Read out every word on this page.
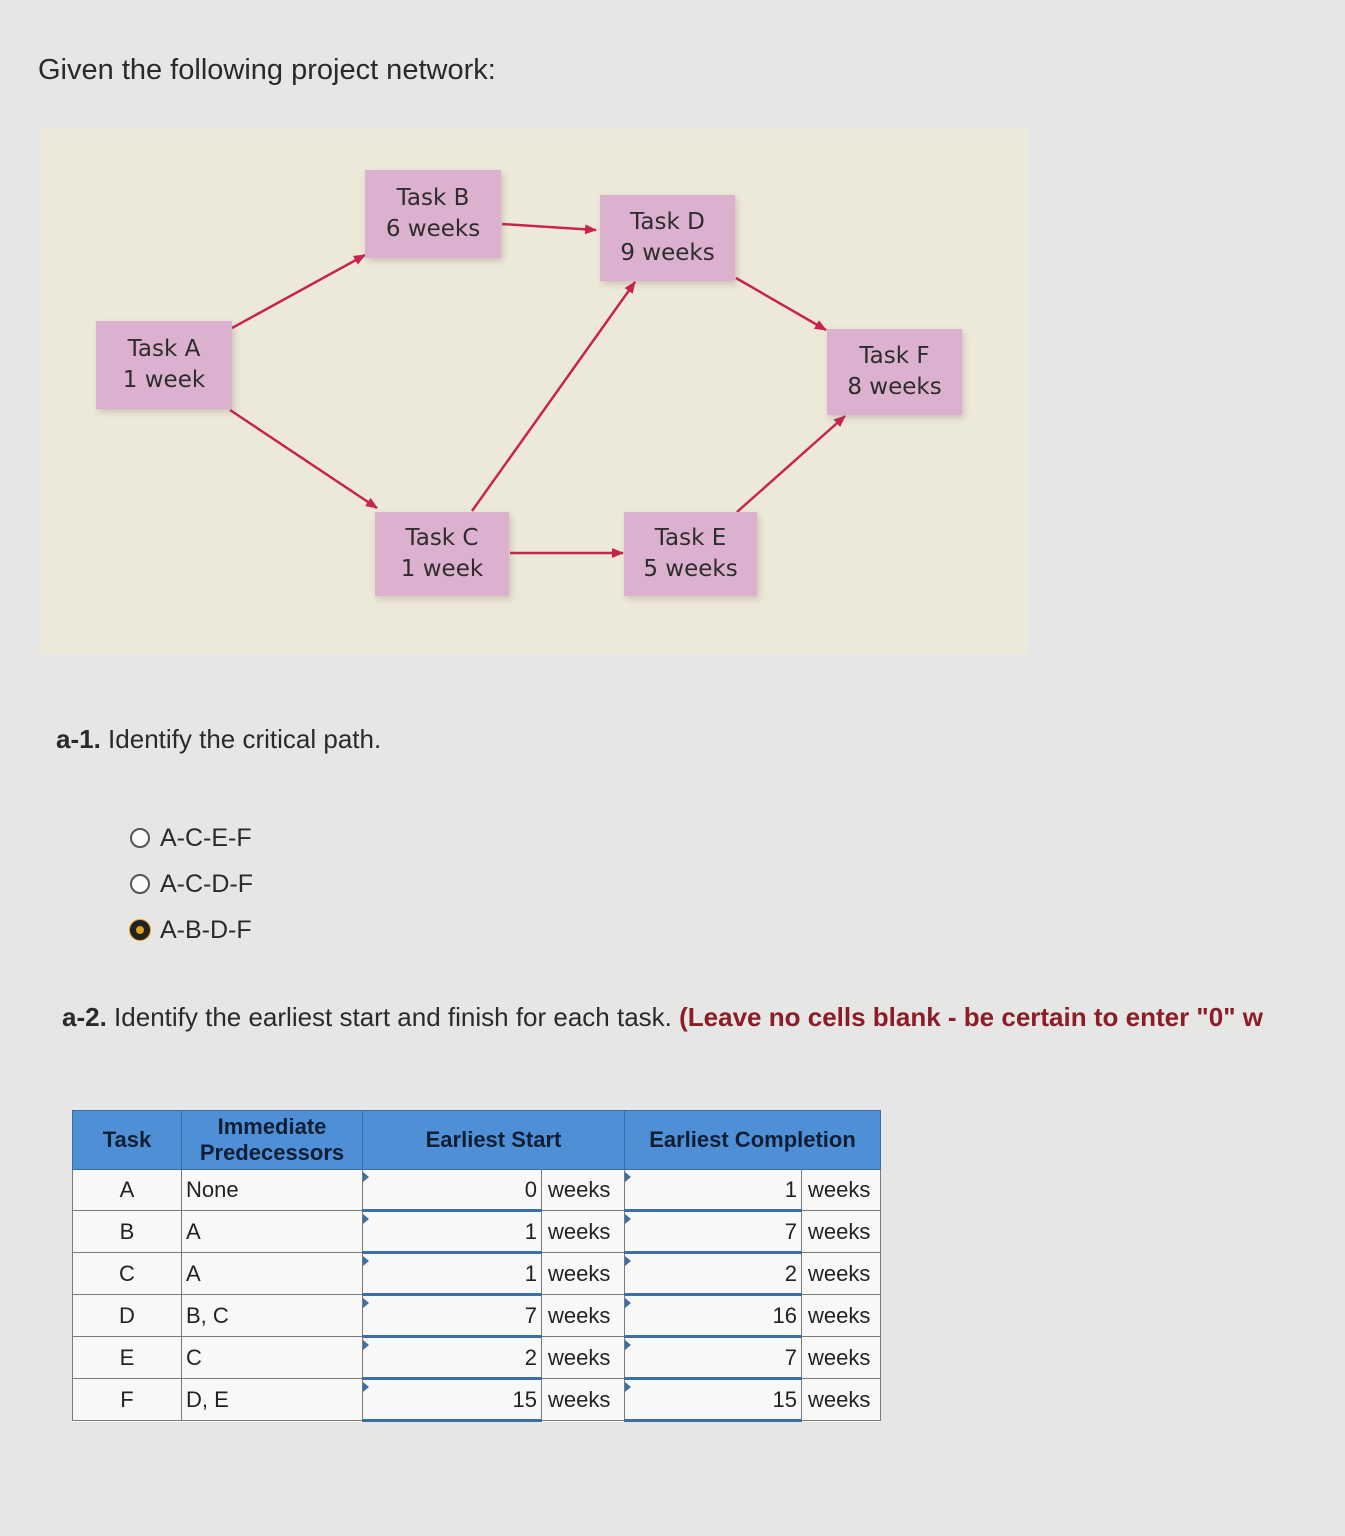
Given the following project network:
Task A
1 week
Task B
6 weeks
Task C
1 week
Task D
9 weeks
Task E
5 weeks
Task F
8 weeks
a-1. Identify the critical path.
A-C-E-F
A-C-D-F
A-B-D-F
a-2. Identify the earliest start and finish for each task. (Leave no cells blank - be certain to enter "0" w
Task	Immediate Predecessors	Earliest Start		Earliest Completion	
A	None	0	weeks	1	weeks
B	A	1	weeks	7	weeks
C	A	1	weeks	2	weeks
D	B, C	7	weeks	16	weeks
E	C	2	weeks	7	weeks
F	D, E	15	weeks	15	weeks
